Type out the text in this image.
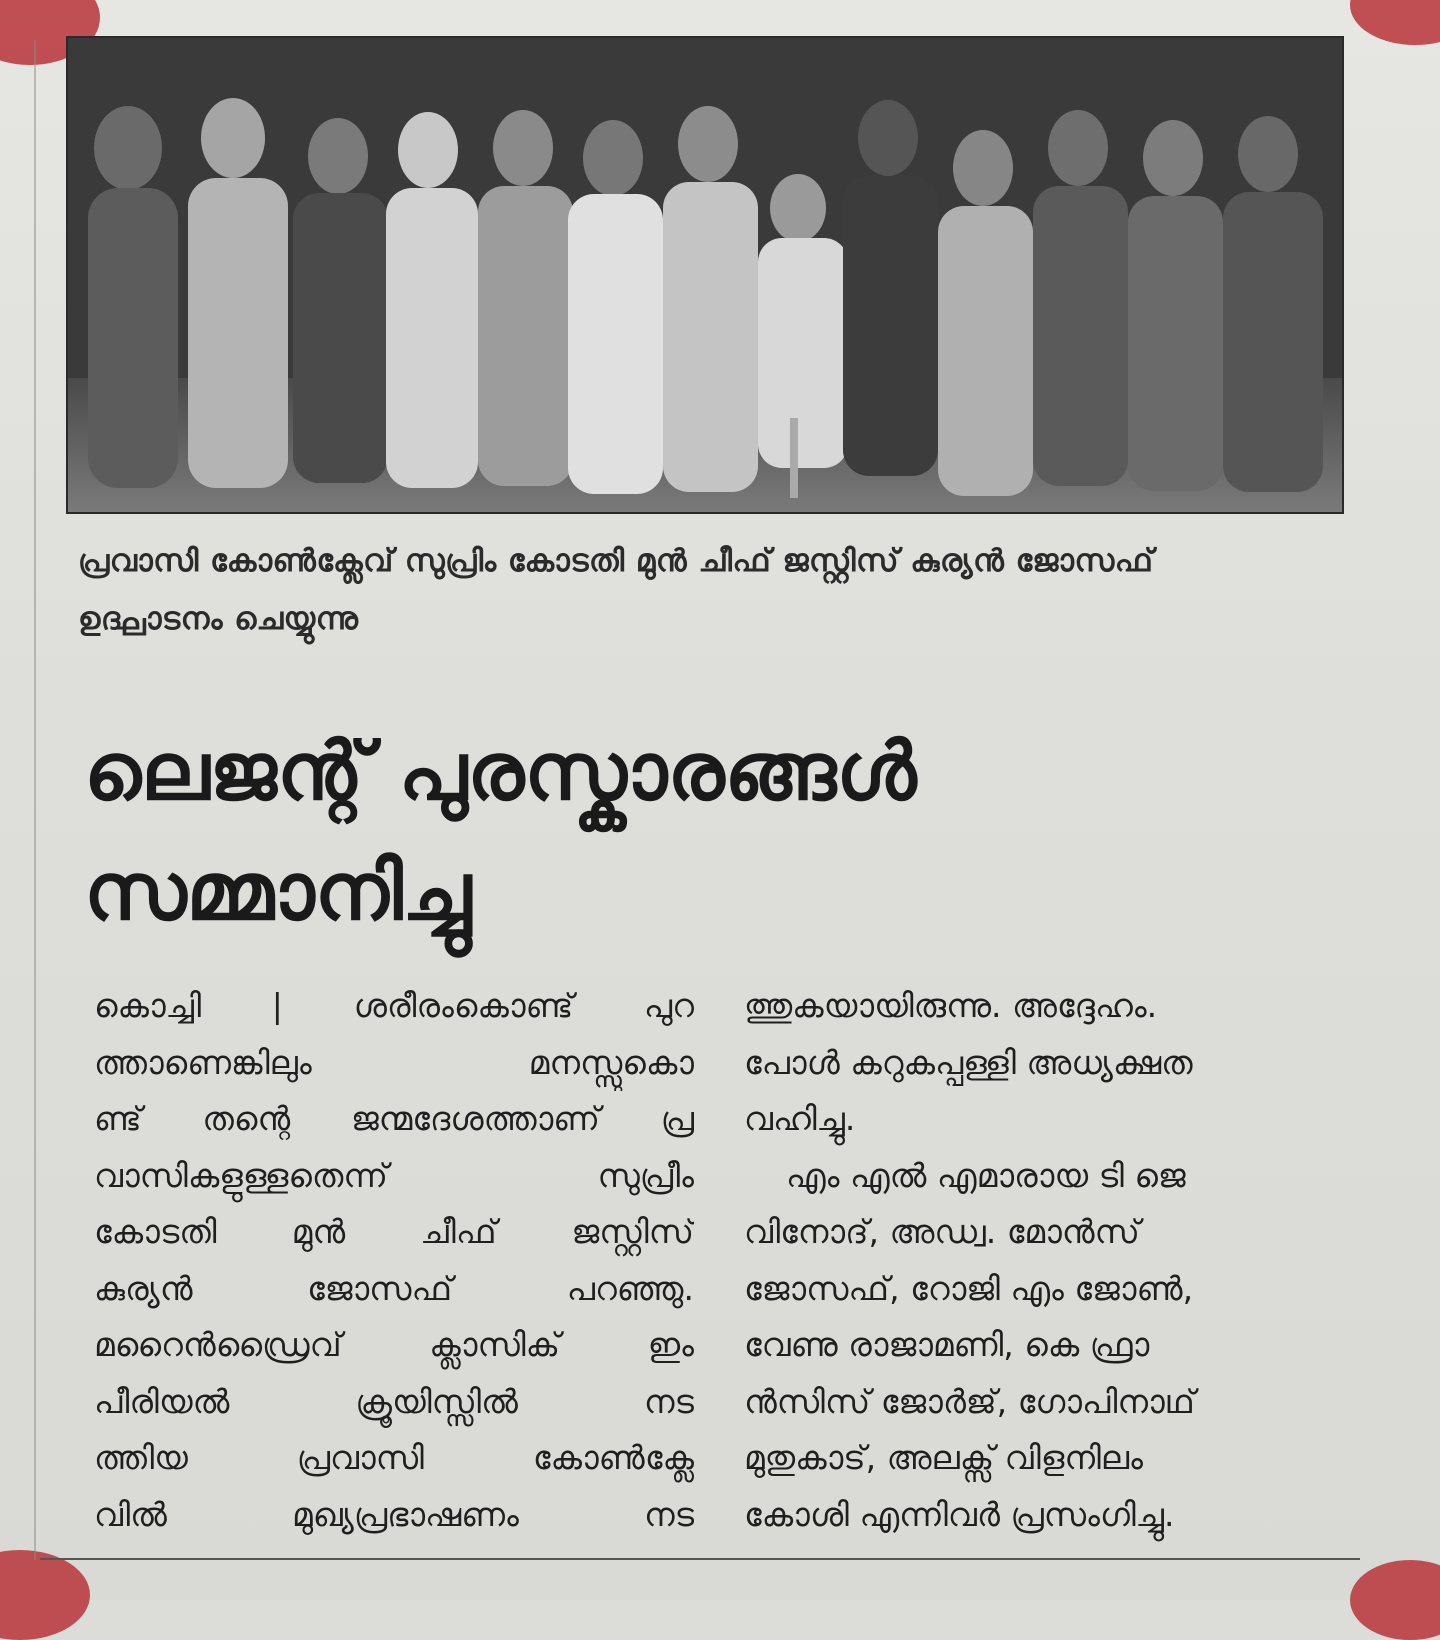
പ്രവാസി കോൺക്ലേവ് സുപ്രിം കോടതി മുൻ ചീഫ് ജസ്റ്റിസ് കുര്യൻ ജോസഫ്
ഉദ്ഘാടനം ചെയ്യുന്നു
ലെജന്റ് പുരസ്കാരങ്ങൾ
സമ്മാനിച്ചു
കൊച്ചി | ശരീരംകൊണ്ട് പുറ
ത്താണെങ്കിലും മനസ്സുകൊ
ണ്ട് തന്റെ ജന്മദേശത്താണ് പ്ര
വാസികളുള്ളതെന്ന് സുപ്രീം
കോടതി മുൻ ചീഫ് ജസ്റ്റിസ്
കുര്യൻ ജോസഫ് പറഞ്ഞു.
മറൈൻഡ്രൈവ് ക്ലാസിക് ഇം
പീരിയൽ ക്രൂയിസ്സിൽ നട
ത്തിയ പ്രവാസി കോൺക്ലേ
വിൽ മുഖ്യപ്രഭാഷണം നട
ത്തുകയായിരുന്നു. അദ്ദേഹം.
പോൾ കറുകപ്പള്ളി അധ്യക്ഷത
വഹിച്ചു.
എം എൽ എമാരായ ടി ജെ
വിനോദ്, അഡ്വ. മോൻസ്
ജോസഫ്, റോജി എം ജോൺ,
വേണു രാജാമണി, കെ ഫ്രാ
ൻസിസ് ജോർജ്, ഗോപിനാഥ്
മുതുകാട്, അലക്സ് വിളനിലം
കോശി എന്നിവർ പ്രസംഗിച്ചു.
